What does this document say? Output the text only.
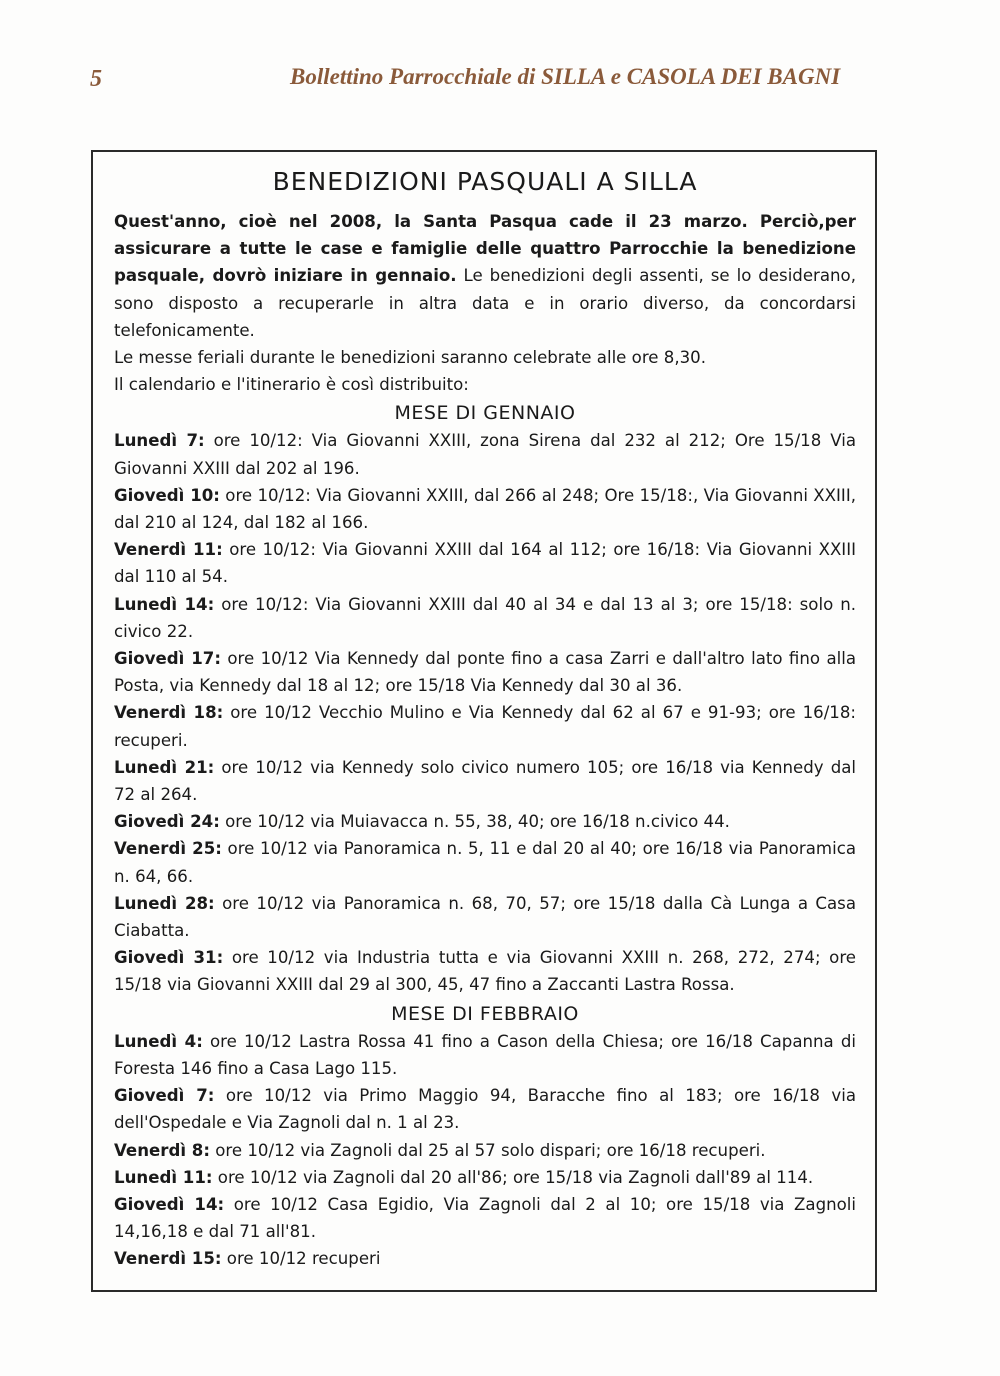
5	Bollettino Parrocchiale di SILLA e CASOLA DEI BAGNI
BENEDIZIONI PASQUALI A SILLA

Quest'anno, cioè nel 2008, la Santa Pasqua cade il 23 marzo. Perciò,per assicurare a tutte le case e famiglie delle quattro Parrocchie la benedizione pasquale, dovrò iniziare in gennaio. Le benedizioni degli assenti, se lo desiderano, sono disposto a recuperarle in altra data e in orario diverso, da concordarsi telefonicamente.

Le messe feriali durante le benedizioni saranno celebrate alle ore 8,30.

Il calendario e l'itinerario è così distribuito:

MESE DI GENNAIO

Lunedì 7: ore 10/12: Via Giovanni XXIII, zona Sirena dal 232 al 212; Ore 15/18 Via Giovanni XXIII dal 202 al 196.

Giovedì 10: ore 10/12: Via Giovanni XXIII, dal 266 al 248; Ore 15/18:, Via Giovanni XXIII, dal 210 al 124, dal 182 al 166.

Venerdì 11: ore 10/12: Via Giovanni XXIII dal 164 al 112; ore 16/18: Via Giovanni XXIII dal 110 al 54.

Lunedì 14: ore 10/12: Via Giovanni XXIII dal 40 al 34 e dal 13 al 3; ore 15/18: solo n. civico 22.

Giovedì 17: ore 10/12 Via Kennedy dal ponte fino a casa Zarri e dall'altro lato fino alla Posta, via Kennedy dal 18 al 12; ore 15/18 Via Kennedy dal 30 al 36.

Venerdì 18: ore 10/12 Vecchio Mulino e Via Kennedy dal 62 al 67 e 91-93; ore 16/18: recuperi.

Lunedì 21: ore 10/12 via Kennedy solo civico numero 105; ore 16/18 via Kennedy dal 72 al 264.

Giovedì 24: ore 10/12 via Muiavacca n. 55, 38, 40; ore 16/18 n.civico 44.

Venerdì 25: ore 10/12 via Panoramica n. 5, 11 e dal 20 al 40; ore 16/18 via Panoramica n. 64, 66.

Lunedì 28: ore 10/12 via Panoramica n. 68, 70, 57; ore 15/18 dalla Cà Lunga a Casa Ciabatta.

Giovedì 31: ore 10/12 via Industria tutta e via Giovanni XXIII n. 268, 272, 274; ore 15/18 via Giovanni XXIII dal 29 al 300, 45, 47 fino a Zaccanti Lastra Rossa.

MESE DI FEBBRAIO

Lunedì 4: ore 10/12 Lastra Rossa 41 fino a Cason della Chiesa; ore 16/18 Capanna di Foresta 146 fino a Casa Lago 115.

Giovedì 7: ore 10/12 via Primo Maggio 94, Baracche fino al 183; ore 16/18 via dell'Ospedale e Via Zagnoli dal n. 1 al 23.

Venerdì 8: ore 10/12 via Zagnoli dal 25 al 57 solo dispari; ore 16/18 recuperi.

Lunedì 11: ore 10/12 via Zagnoli dal 20 all'86; ore 15/18 via Zagnoli dall'89 al 114.

Giovedì 14: ore 10/12 Casa Egidio, Via Zagnoli dal 2 al 10; ore 15/18 via Zagnoli 14,16,18 e dal 71 all'81.

Venerdì 15: ore 10/12 recuperi
